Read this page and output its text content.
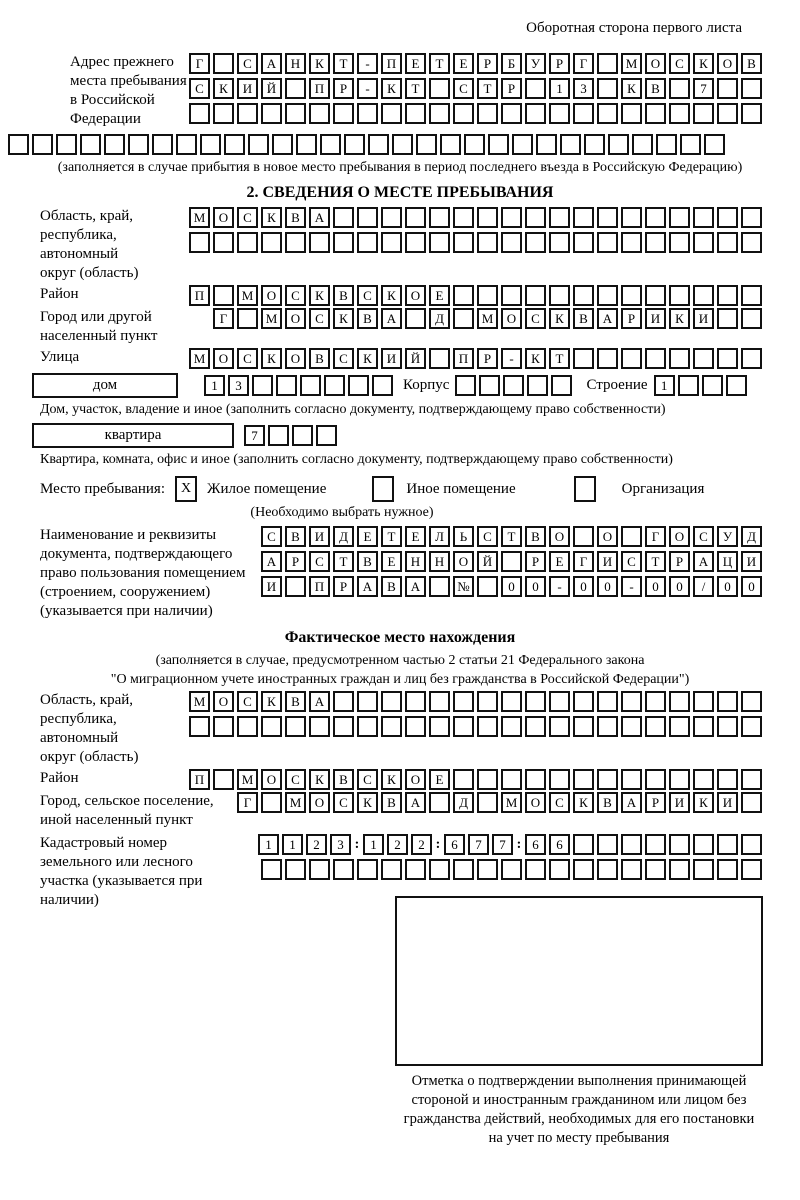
Оборотная сторона первого листа
Адрес прежнего места пребывания в Российской Федерации
Г	С	А	Н	К	Т	-	П	Е	Т	Е	Р	Б	У	Р	Г	М	О	С	К	О	В
С	К	И	Й	П	Р	-	К	Т	С	Т	Р	1	3	К	В	7
(заполняется в случае прибытия в новое место пребывания в период последнего въезда в Российскую Федерацию)
2. СВЕДЕНИЯ О МЕСТЕ ПРЕБЫВАНИЯ
Область, край, республика, автономный округ (область)
М	О	С	К	В	А
Район	П	М	О	С	К	В	С	К	О	Е
Город или другой населенный пункт
Г	М	О	С	К	В	А	Д	М	О	С	К	В	А	Р	И	К	И
Улица	М	О	С	К	О	В	С	К	И	Й	П	Р	-	К	Т
дом	1	3	Корпус	Строение	1
Дом, участок, владение и иное (заполнить согласно документу, подтверждающему право собственности)
квартира	7
Квартира, комната, офис и иное (заполнить согласно документу, подтверждающему право собственности)
Место пребывания:	X	Жилое помещение	Иное помещение	Организация
(Необходимо выбрать нужное)
Наименование и реквизиты документа, подтверждающего право пользования помещением (строением, сооружением) (указывается при наличии)
С	В	И	Д	Е	Т	Е	Л	Ь	С	Т	В	О	О	Г	О	С	У	Д
А	Р	С	Т	В	Е	Н	Н	О	Й	Р	Е	Г	И	С	Т	Р	А	Ц	И
И	П	Р	А	В	А	№	0	0	-	0	0	-	0	0	/	0	0
Фактическое место нахождения
(заполняется в случае, предусмотренном частью 2 статьи 21 Федерального закона
"О миграционном учете иностранных граждан и лиц без гражданства в Российской Федерации")
Область, край, республика, автономный округ (область)
М	О	С	К	В	А
Район	П	М	О	С	К	В	С	К	О	Е
Город, сельское поселение, иной населенный пункт
Г	М	О	С	К	В	А	Д	М	О	С	К	В	А	Р	И	К	И
Кадастровый номер земельного или лесного участка (указывается при наличии)
1	1	2	3 : 1	2	2 : 6	7	7 : 6	6
Отметка о подтверждении выполнения принимающей стороной и иностранным гражданином или лицом без гражданства действий, необходимых для его постановки на учет по месту пребывания
